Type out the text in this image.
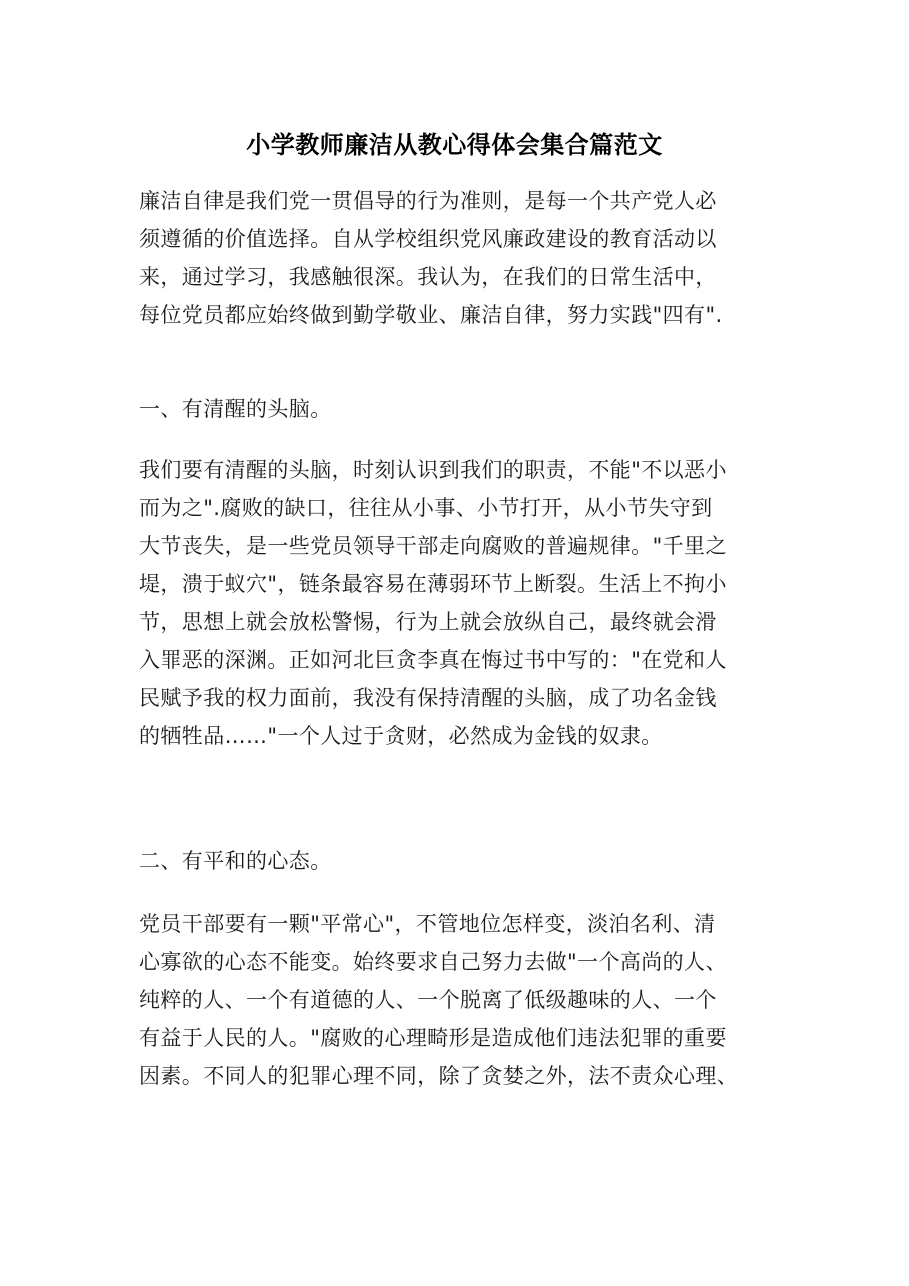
小学教师廉洁从教心得体会集合篇范文
廉洁自律是我们党一贯倡导的行为准则，是每一个共产党人必
须遵循的价值选择。自从学校组织党风廉政建设的教育活动以
来，通过学习，我感触很深。我认为，在我们的日常生活中，
每位党员都应始终做到勤学敬业、廉洁自律，努力实践"四有".
一、有清醒的头脑。
我们要有清醒的头脑，时刻认识到我们的职责，不能"不以恶小
而为之".腐败的缺口，往往从小事、小节打开，从小节失守到
大节丧失，是一些党员领导干部走向腐败的普遍规律。"千里之
堤，溃于蚁穴"，链条最容易在薄弱环节上断裂。生活上不拘小
节，思想上就会放松警惕，行为上就会放纵自己，最终就会滑
入罪恶的深渊。正如河北巨贪李真在悔过书中写的："在党和人
民赋予我的权力面前，我没有保持清醒的头脑，成了功名金钱
的牺牲品……"一个人过于贪财，必然成为金钱的奴隶。
二、有平和的心态。
党员干部要有一颗"平常心"，不管地位怎样变，淡泊名利、清
心寡欲的心态不能变。始终要求自己努力去做"一个高尚的人、
纯粹的人、一个有道德的人、一个脱离了低级趣味的人、一个
有益于人民的人。"腐败的心理畸形是造成他们违法犯罪的重要
因素。不同人的犯罪心理不同，除了贪婪之外，法不责众心理、
